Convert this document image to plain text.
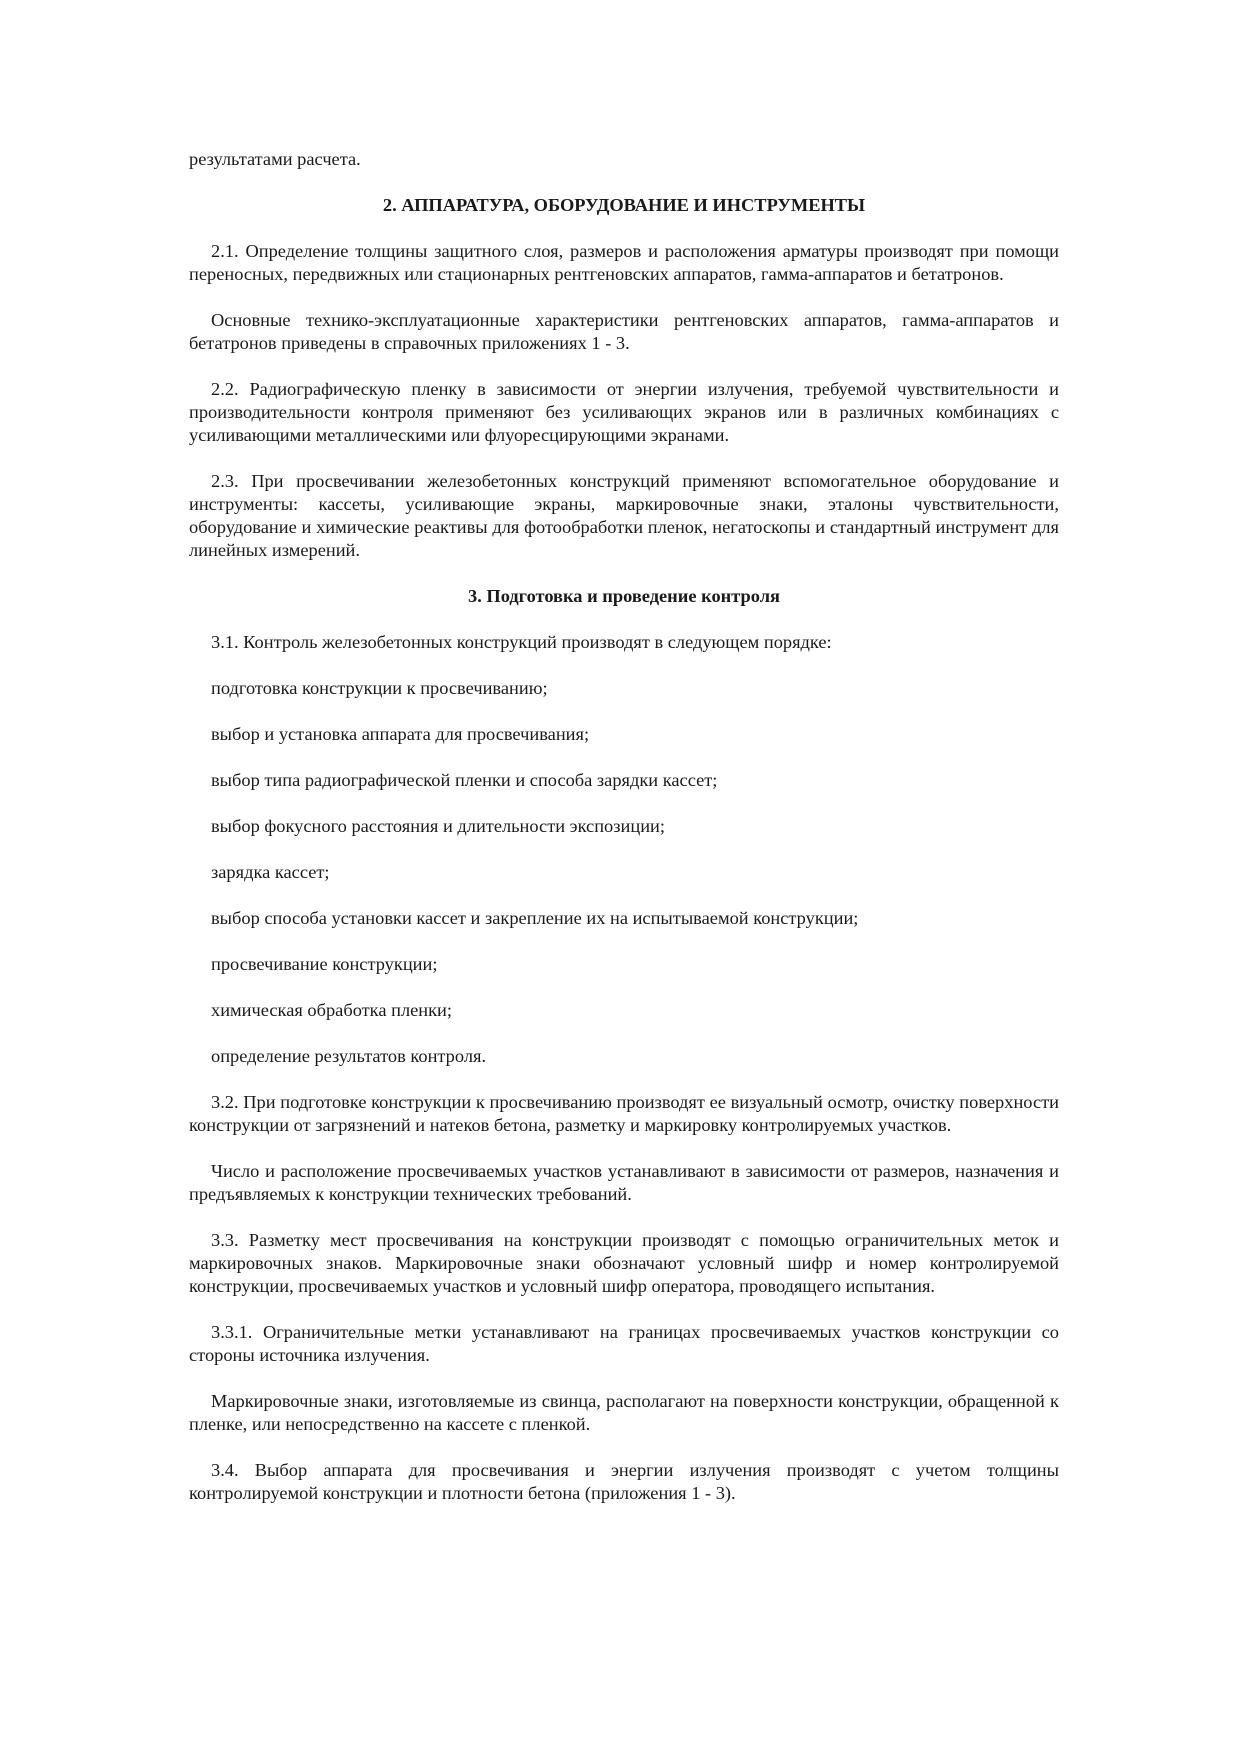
результатами расчета.

2. АППАРАТУРА, ОБОРУДОВАНИЕ И ИНСТРУМЕНТЫ

2.1. Определение толщины защитного слоя, размеров и расположения арматуры производят при помощи переносных, передвижных или стационарных рентгеновских аппаратов, гамма-аппаратов и бетатронов.

Основные технико-эксплуатационные характеристики рентгеновских аппаратов, гамма-аппаратов и бетатронов приведены в справочных приложениях 1 - 3.

2.2. Радиографическую пленку в зависимости от энергии излучения, требуемой чувствительности и производительности контроля применяют без усиливающих экранов или в различных комбинациях с усиливающими металлическими или флуоресцирующими экранами.

2.3. При просвечивании железобетонных конструкций применяют вспомогательное оборудование и инструменты: кассеты, усиливающие экраны, маркировочные знаки, эталоны чувствительности, оборудование и химические реактивы для фотообработки пленок, негатоскопы и стандартный инструмент для линейных измерений.

3. Подготовка и проведение контроля

3.1. Контроль железобетонных конструкций производят в следующем порядке:

подготовка конструкции к просвечиванию;

выбор и установка аппарата для просвечивания;

выбор типа радиографической пленки и способа зарядки кассет;

выбор фокусного расстояния и длительности экспозиции;

зарядка кассет;

выбор способа установки кассет и закрепление их на испытываемой конструкции;

просвечивание конструкции;

химическая обработка пленки;

определение результатов контроля.

3.2. При подготовке конструкции к просвечиванию производят ее визуальный осмотр, очистку поверхности конструкции от загрязнений и натеков бетона, разметку и маркировку контролируемых участков.

Число и расположение просвечиваемых участков устанавливают в зависимости от размеров, назначения и предъявляемых к конструкции технических требований.

3.3. Разметку мест просвечивания на конструкции производят с помощью ограничительных меток и маркировочных знаков. Маркировочные знаки обозначают условный шифр и номер контролируемой конструкции, просвечиваемых участков и условный шифр оператора, проводящего испытания.

3.3.1. Ограничительные метки устанавливают на границах просвечиваемых участков конструкции со стороны источника излучения.

Маркировочные знаки, изготовляемые из свинца, располагают на поверхности конструкции, обращенной к пленке, или непосредственно на кассете с пленкой.

3.4. Выбор аппарата для просвечивания и энергии излучения производят с учетом толщины контролируемой конструкции и плотности бетона (приложения 1 - 3).
